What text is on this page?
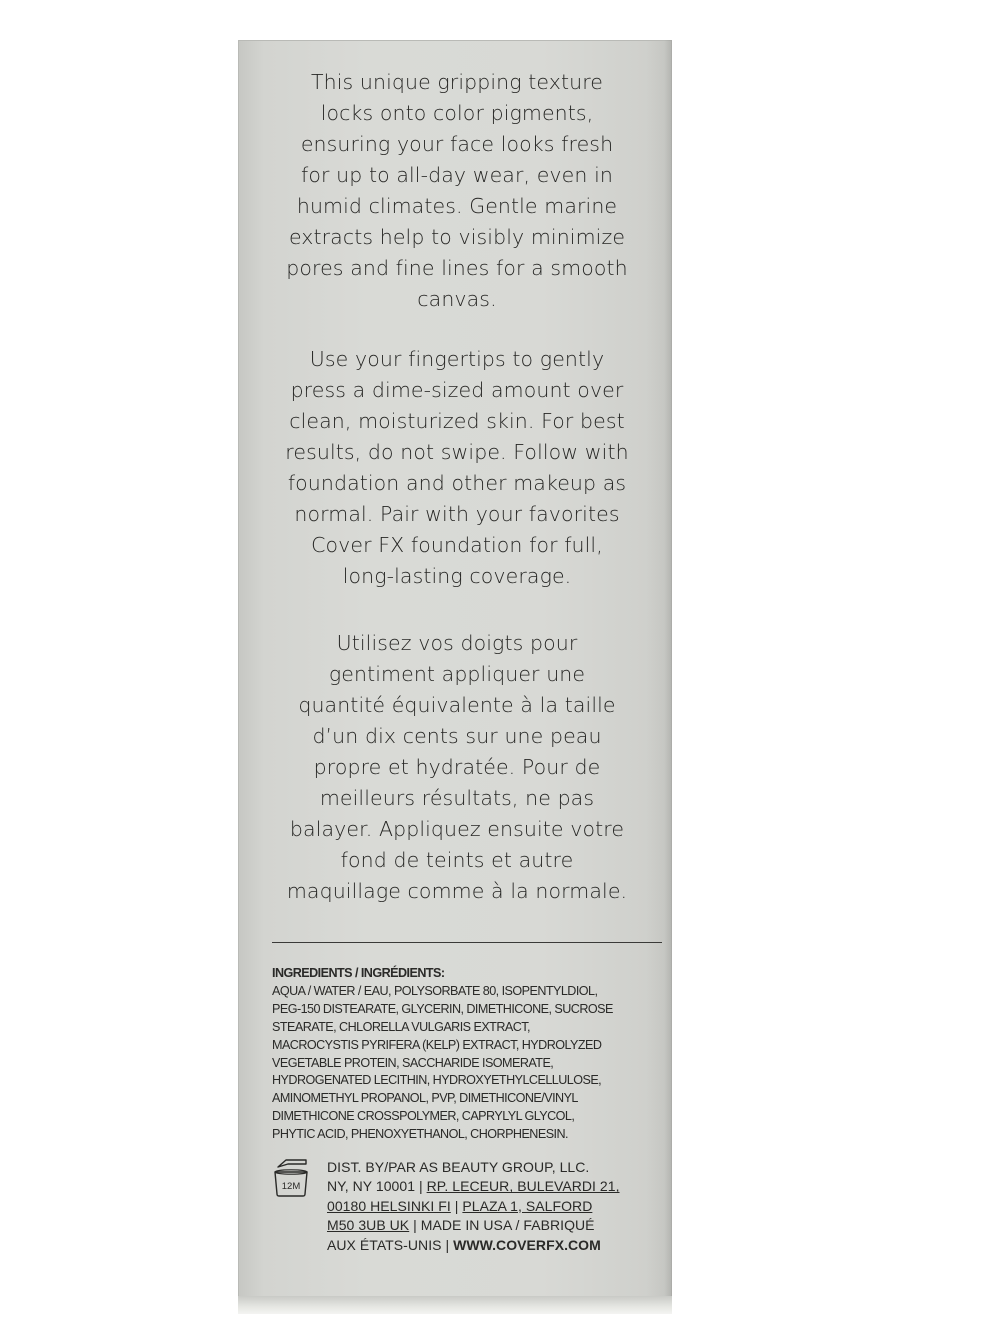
This unique gripping texture
locks onto color pigments,
ensuring your face looks fresh
for up to all-day wear, even in
humid climates. Gentle marine
extracts help to visibly minimize
pores and fine lines for a smooth
canvas.
Use your fingertips to gently
press a dime-sized amount over
clean, moisturized skin. For best
results, do not swipe. Follow with
foundation and other makeup as
normal. Pair with your favorites
Cover FX foundation for full,
long-lasting coverage.
Utilisez vos doigts pour
gentiment appliquer une
quantité équivalente à la taille
d’un dix cents sur une peau
propre et hydratée. Pour de
meilleurs résultats, ne pas
balayer. Appliquez ensuite votre
fond de teints et autre
maquillage comme à la normale.
INGREDIENTS / INGRÉDIENTS:
AQUA / WATER / EAU, POLYSORBATE 80, ISOPENTYLDIOL,
PEG-150 DISTEARATE, GLYCERIN, DIMETHICONE, SUCROSE
STEARATE, CHLORELLA VULGARIS EXTRACT,
MACROCYSTIS PYRIFERA (KELP) EXTRACT, HYDROLYZED
VEGETABLE PROTEIN, SACCHARIDE ISOMERATE,
HYDROGENATED LECITHIN, HYDROXYETHYLCELLULOSE,
AMINOMETHYL PROPANOL, PVP, DIMETHICONE/VINYL
DIMETHICONE CROSSPOLYMER, CAPRYLYL GLYCOL,
PHYTIC ACID, PHENOXYETHANOL, CHORPHENESIN.
12M
DIST. BY/PAR AS BEAUTY GROUP, LLC.
NY, NY 10001 | RP. LECEUR, BULEVARDI 21,
00180 HELSINKI FI | PLAZA 1, SALFORD
M50 3UB UK | MADE IN USA / FABRIQUÉ
AUX ÉTATS-UNIS | WWW.COVERFX.COM
